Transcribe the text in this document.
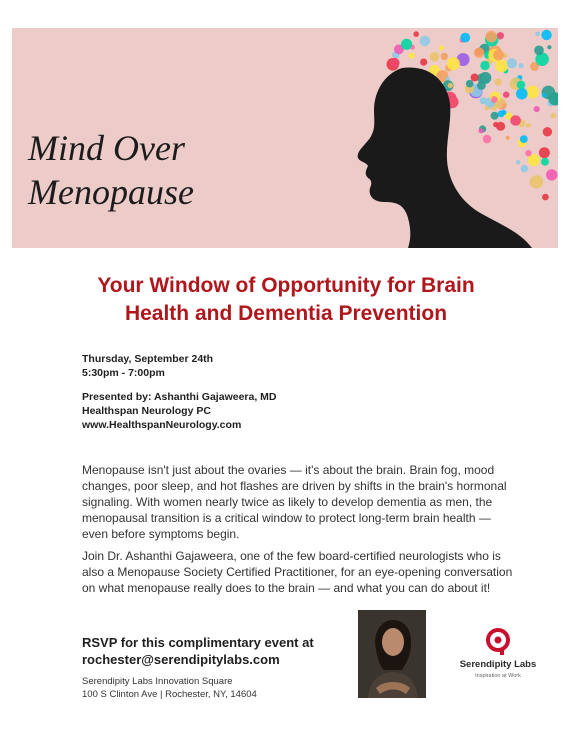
Mind Over
Menopause
Your Window of Opportunity for Brain
Health and Dementia Prevention
Thursday, September 24th
5:30pm - 7:00pm
Presented by: Ashanthi Gajaweera, MD
Healthspan Neurology PC
www.HealthspanNeurology.com

Menopause isn't just about the ovaries — it's about the brain. Brain fog, mood changes, poor sleep, and hot flashes are driven by shifts in the brain's hormonal signaling. With women nearly twice as likely to develop dementia as men, the menopausal transition is a critical window to protect long-term brain health — even before symptoms begin.

Join Dr. Ashanthi Gajaweera, one of the few board-certified neurologists who is also a Menopause Society Certified Practitioner, for an eye-opening conversation on what menopause really does to the brain — and what you can do about it!

RSVP for this complimentary event at
rochester@serendipitylabs.com
Serendipity Labs Innovation Square
100 S Clinton Ave | Rochester, NY, 14604
Serendipity Labs
Inspiration at Work
